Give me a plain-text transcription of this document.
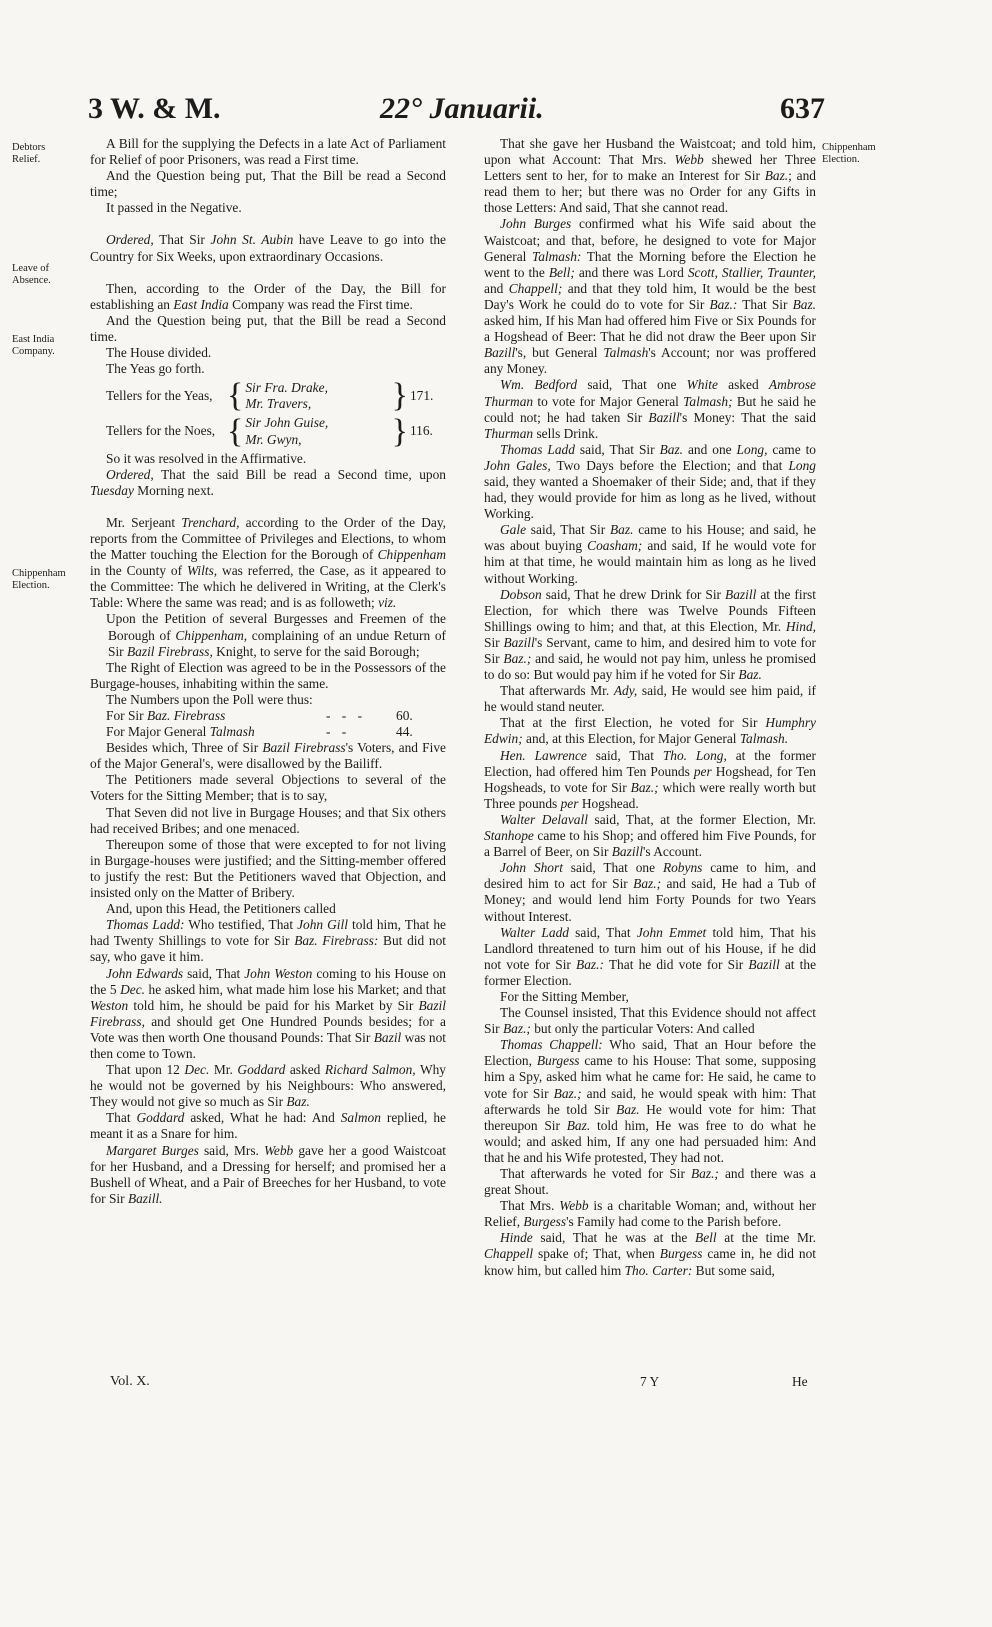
3 W. & M.	22° Januarii.	637
Debtors
Relief.
Leave of
Absence.
East India
Company.
Chippenham
Election.
Chippenham
Election.

A Bill for the supplying the Defects in a late Act of Parliament for Relief of poor Prisoners, was read a First time.

And the Question being put, That the Bill be read a Second time;

It passed in the Negative.

Ordered, That Sir John St. Aubin have Leave to go into the Country for Six Weeks, upon extraordinary Occasions.

Then, according to the Order of the Day, the Bill for establishing an East India Company was read the First time.

And the Question being put, that the Bill be read a Second time.

The House divided.

The Yeas go forth.

Tellers for the Yeas, { Sir Fra. Drake,
Mr. Travers,	} 171.
Tellers for the Noes, { Sir John Guise,
Mr. Gwyn,	} 116.

So it was resolved in the Affirmative.

Ordered, That the said Bill be read a Second time, upon Tuesday Morning next.

Mr. Serjeant Trenchard, according to the Order of the Day, reports from the Committee of Privileges and Elections, to whom the Matter touching the Election for the Borough of Chippenham in the County of Wilts, was referred, the Case, as it appeared to the Committee: The which he delivered in Writing, at the Clerk's Table: Where the same was read; and is as followeth; viz.

Upon the Petition of several Burgesses and Freemen of the Borough of Chippenham, complaining of an undue Return of Sir Bazil Firebrass, Knight, to serve for the said Borough;

The Right of Election was agreed to be in the Possessors of the Burgage-houses, inhabiting within the same.

The Numbers upon the Poll were thus:

For Sir Baz. Firebrass	- - -	60.
For Major General Talmash	- -	44.

Besides which, Three of Sir Bazil Firebrass's Voters, and Five of the Major General's, were disallowed by the Bailiff.

The Petitioners made several Objections to several of the Voters for the Sitting Member; that is to say,

That Seven did not live in Burgage Houses; and that Six others had received Bribes; and one menaced.

Thereupon some of those that were excepted to for not living in Burgage-houses were justified; and the Sitting-member offered to justify the rest: But the Petitioners waved that Objection, and insisted only on the Matter of Bribery.

And, upon this Head, the Petitioners called

Thomas Ladd: Who testified, That John Gill told him, That he had Twenty Shillings to vote for Sir Baz. Firebrass: But did not say, who gave it him.

John Edwards said, That John Weston coming to his House on the 5 Dec. he asked him, what made him lose his Market; and that Weston told him, he should be paid for his Market by Sir Bazil Firebrass, and should get One Hundred Pounds besides; for a Vote was then worth One thousand Pounds: That Sir Bazil was not then come to Town.

That upon 12 Dec. Mr. Goddard asked Richard Salmon, Why he would not be governed by his Neighbours: Who answered, They would not give so much as Sir Baz.

That Goddard asked, What he had: And Salmon replied, he meant it as a Snare for him.

Margaret Burges said, Mrs. Webb gave her a good Waistcoat for her Husband, and a Dressing for herself; and promised her a Bushell of Wheat, and a Pair of Breeches for her Husband, to vote for Sir Bazill.

That she gave her Husband the Waistcoat; and told him, upon what Account: That Mrs. Webb shewed her Three Letters sent to her, for to make an Interest for Sir Baz.; and read them to her; but there was no Order for any Gifts in those Letters: And said, That she cannot read.

John Burges confirmed what his Wife said about the Waistcoat; and that, before, he designed to vote for Major General Talmash: That the Morning before the Election he went to the Bell; and there was Lord Scott, Stallier, Traunter, and Chappell; and that they told him, It would be the best Day's Work he could do to vote for Sir Baz.: That Sir Baz. asked him, If his Man had offered him Five or Six Pounds for a Hogshead of Beer: That he did not draw the Beer upon Sir Bazill's, but General Talmash's Account; nor was proffered any Money.

Wm. Bedford said, That one White asked Ambrose Thurman to vote for Major General Talmash; But he said he could not; he had taken Sir Bazill's Money: That the said Thurman sells Drink.

Thomas Ladd said, That Sir Baz. and one Long, came to John Gales, Two Days before the Election; and that Long said, they wanted a Shoemaker of their Side; and, that if they had, they would provide for him as long as he lived, without Working.

Gale said, That Sir Baz. came to his House; and said, he was about buying Coasham; and said, If he would vote for him at that time, he would maintain him as long as he lived without Working.

Dobson said, That he drew Drink for Sir Bazill at the first Election, for which there was Twelve Pounds Fifteen Shillings owing to him; and that, at this Election, Mr. Hind, Sir Bazill's Servant, came to him, and desired him to vote for Sir Baz.; and said, he would not pay him, unless he promised to do so: But would pay him if he voted for Sir Baz.

That afterwards Mr. Ady, said, He would see him paid, if he would stand neuter.

That at the first Election, he voted for Sir Humphry Edwin; and, at this Election, for Major General Talmash.

Hen. Lawrence said, That Tho. Long, at the former Election, had offered him Ten Pounds per Hogshead, for Ten Hogsheads, to vote for Sir Baz.; which were really worth but Three pounds per Hogshead.

Walter Delavall said, That, at the former Election, Mr. Stanhope came to his Shop; and offered him Five Pounds, for a Barrel of Beer, on Sir Bazill's Account.

John Short said, That one Robyns came to him, and desired him to act for Sir Baz.; and said, He had a Tub of Money; and would lend him Forty Pounds for two Years without Interest.

Walter Ladd said, That John Emmet told him, That his Landlord threatened to turn him out of his House, if he did not vote for Sir Baz.: That he did vote for Sir Bazill at the former Election.

For the Sitting Member,

The Counsel insisted, That this Evidence should not affect Sir Baz.; but only the particular Voters: And called

Thomas Chappell: Who said, That an Hour before the Election, Burgess came to his House: That some, supposing him a Spy, asked him what he came for: He said, he came to vote for Sir Baz.; and said, he would speak with him: That afterwards he told Sir Baz. He would vote for him: That thereupon Sir Baz. told him, He was free to do what he would; and asked him, If any one had persuaded him: And that he and his Wife protested, They had not.

That afterwards he voted for Sir Baz.; and there was a great Shout.

That Mrs. Webb is a charitable Woman; and, without her Relief, Burgess's Family had come to the Parish before.

Hinde said, That he was at the Bell at the time Mr. Chappell spake of; That, when Burgess came in, he did not know him, but called him Tho. Carter: But some said,

Vol. X.	7 Y	He
